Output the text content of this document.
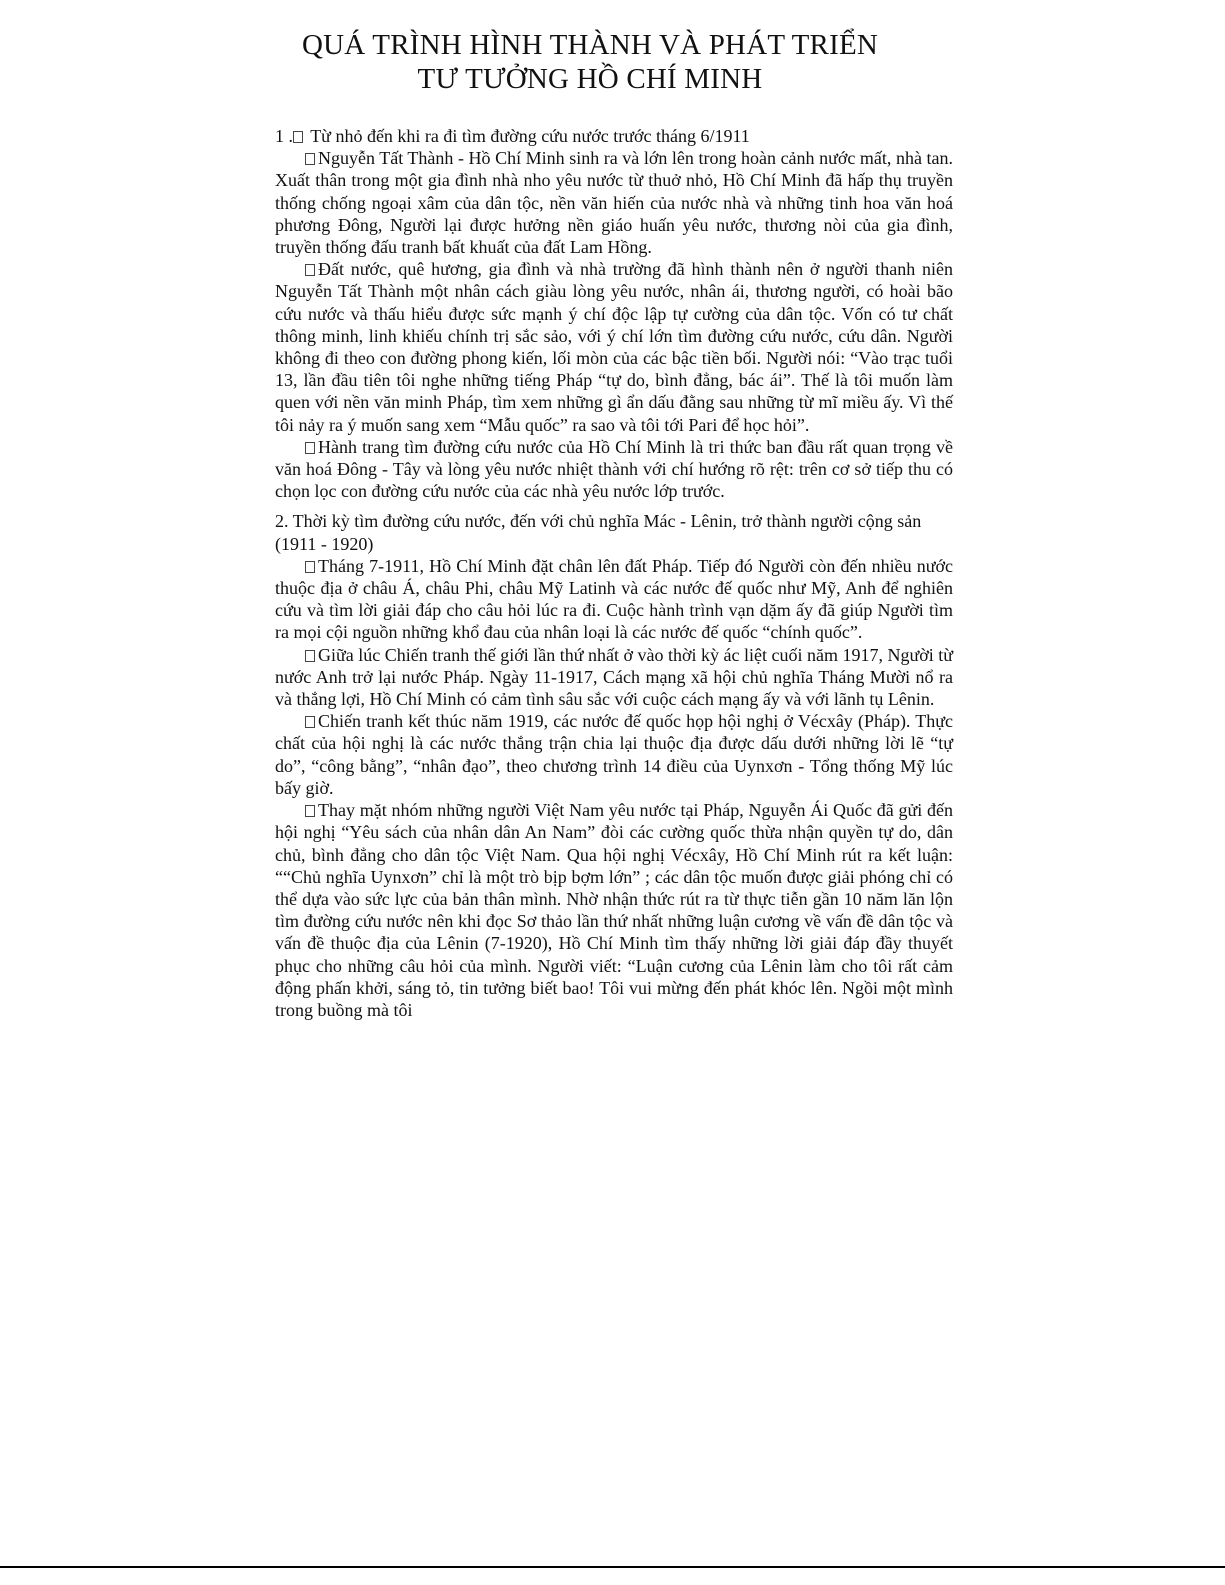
QUÁ TRÌNH HÌNH THÀNH VÀ PHÁT TRIỂN
TƯ TƯỞNG HỒ CHÍ MINH

1 . Từ nhỏ đến khi ra đi tìm đường cứu nước trước tháng 6/1911

Nguyễn Tất Thành - Hồ Chí Minh sinh ra và lớn lên trong hoàn cảnh nước mất, nhà tan. Xuất thân trong một gia đình nhà nho yêu nước từ thuở nhỏ, Hồ Chí Minh đã hấp thụ truyền thống chống ngoại xâm của dân tộc, nền văn hiến của nước nhà và những tinh hoa văn hoá phương Đông, Người lại được hưởng nền giáo huấn yêu nước, thương nòi của gia đình, truyền thống đấu tranh bất khuất của đất Lam Hồng.

Đất nước, quê hương, gia đình và nhà trường đã hình thành nên ở người thanh niên Nguyễn Tất Thành một nhân cách giàu lòng yêu nước, nhân ái, thương người, có hoài bão cứu nước và thấu hiểu được sức mạnh ý chí độc lập tự cường của dân tộc. Vốn có tư chất thông minh, linh khiếu chính trị sắc sảo, với ý chí lớn tìm đường cứu nước, cứu dân. Người không đi theo con đường phong kiến, lối mòn của các bậc tiền bối. Người nói: “Vào trạc tuổi 13, lần đầu tiên tôi nghe những tiếng Pháp “tự do, bình đẳng, bác ái”. Thế là tôi muốn làm quen với nền văn minh Pháp, tìm xem những gì ẩn dấu đằng sau những từ mĩ miều ấy. Vì thế tôi nảy ra ý muốn sang xem “Mẫu quốc” ra sao và tôi tới Pari để học hỏi”.

Hành trang tìm đường cứu nước của Hồ Chí Minh là tri thức ban đầu rất quan trọng về văn hoá Đông - Tây và lòng yêu nước nhiệt thành với chí hướng rõ rệt: trên cơ sở tiếp thu có chọn lọc con đường cứu nước của các nhà yêu nước lớp trước.

2. Thời kỳ tìm đường cứu nước, đến với chủ nghĩa Mác - Lênin, trở thành người cộng sản (1911 - 1920)

Tháng 7-1911, Hồ Chí Minh đặt chân lên đất Pháp. Tiếp đó Người còn đến nhiều nước thuộc địa ở châu Á, châu Phi, châu Mỹ Latinh và các nước đế quốc như Mỹ, Anh để nghiên cứu và tìm lời giải đáp cho câu hỏi lúc ra đi. Cuộc hành trình vạn dặm ấy đã giúp Người tìm ra mọi cội nguồn những khổ đau của nhân loại là các nước đế quốc “chính quốc”.

Giữa lúc Chiến tranh thế giới lần thứ nhất ở vào thời kỳ ác liệt cuối năm 1917, Người từ nước Anh trở lại nước Pháp. Ngày 11-1917, Cách mạng xã hội chủ nghĩa Tháng Mười nổ ra và thắng lợi, Hồ Chí Minh có cảm tình sâu sắc với cuộc cách mạng ấy và với lãnh tụ Lênin.

Chiến tranh kết thúc năm 1919, các nước đế quốc họp hội nghị ở Vécxây (Pháp). Thực chất của hội nghị là các nước thắng trận chia lại thuộc địa được dấu dưới những lời lẽ “tự do”, “công bằng”, “nhân đạo”, theo chương trình 14 điều của Uynxơn - Tổng thống Mỹ lúc bấy giờ.

Thay mặt nhóm những người Việt Nam yêu nước tại Pháp, Nguyễn Ái Quốc đã gửi đến hội nghị “Yêu sách của nhân dân An Nam” đòi các cường quốc thừa nhận quyền tự do, dân chủ, bình đẳng cho dân tộc Việt Nam. Qua hội nghị Vécxây, Hồ Chí Minh rút ra kết luận: ““Chủ nghĩa Uynxơn” chỉ là một trò bịp bợm lớn” ; các dân tộc muốn được giải phóng chỉ có thể dựa vào sức lực của bản thân mình. Nhờ nhận thức rút ra từ thực tiễn gần 10 năm lăn lộn tìm đường cứu nước nên khi đọc Sơ thảo lần thứ nhất những luận cương về vấn đề dân tộc và vấn đề thuộc địa của Lênin (7-1920), Hồ Chí Minh tìm thấy những lời giải đáp đầy thuyết phục cho những câu hỏi của mình. Người viết: “Luận cương của Lênin làm cho tôi rất cảm động phấn khởi, sáng tỏ, tin tưởng biết bao! Tôi vui mừng đến phát khóc lên. Ngồi một mình trong buồng mà tôi
